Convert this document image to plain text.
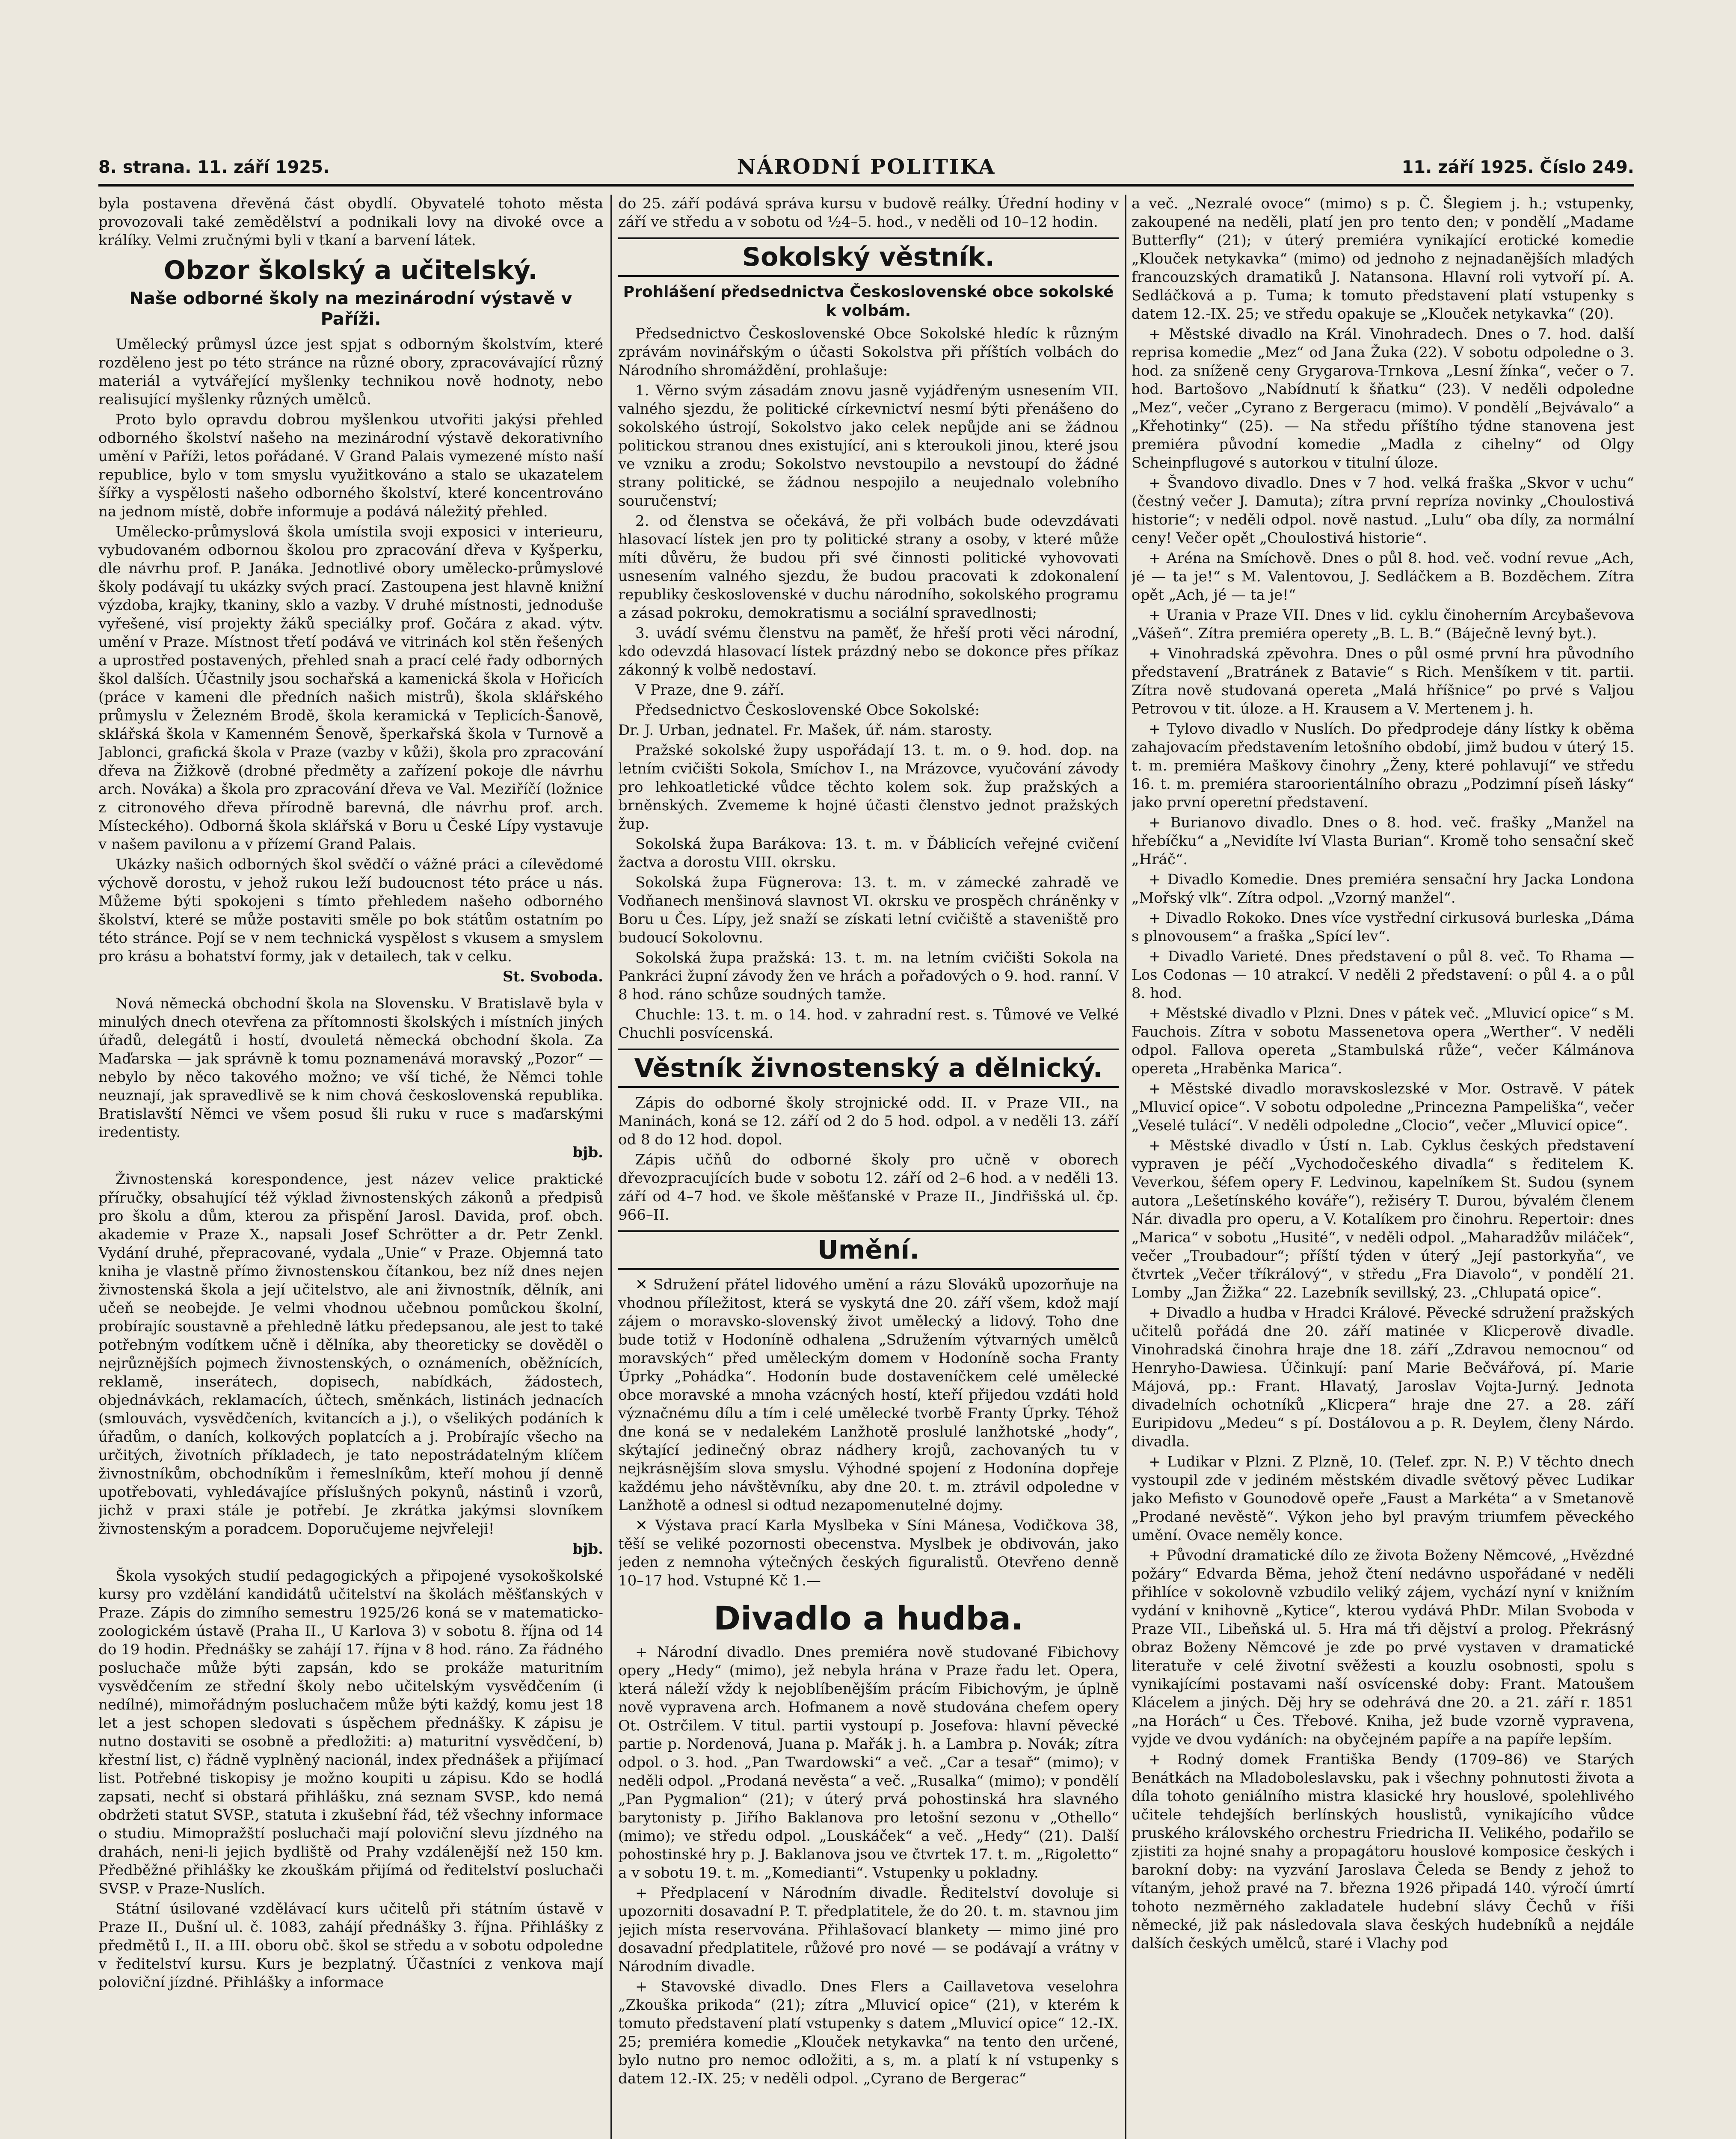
8. strana. 11. září 1925.	NÁRODNÍ POLITIKA	11. září 1925. Číslo 249.

byla postavena dřevěná část obydlí. Obyvatelé tohoto města provozovali také zemědělství a podnikali lovy na divoké ovce a králíky. Velmi zručnými byli v tkaní a barvení látek.

Obzor školský a učitelský.
Naše odborné školy na mezinárodní výstavě v Paříži.

Umělecký průmysl úzce jest spjat s odborným školstvím, které rozděleno jest po této stránce na různé obory, zpracovávající různý materiál a vytvářející myšlenky technikou nově hodnoty, nebo realisující myšlenky různých umělců.

Proto bylo opravdu dobrou myšlenkou utvořiti jakýsi přehled odborného školství našeho na mezinárodní výstavě dekorativního umění v Paříži, letos pořádané. V Grand Palais vymezené místo naší republice, bylo v tom smyslu využitkováno a stalo se ukazatelem šířky a vyspělosti našeho odborného školství, které koncentrováno na jednom místě, dobře informuje a podává náležitý přehled.

Umělecko-průmyslová škola umístila svoji exposici v interieuru, vybudovaném odbornou školou pro zpracování dřeva v Kyšperku, dle návrhu prof. P. Janáka. Jednotlivé obory umělecko-průmyslové školy podávají tu ukázky svých prací. Zastoupena jest hlavně knižní výzdoba, krajky, tkaniny, sklo a vazby. V druhé místnosti, jednoduše vyřešené, visí projekty žáků speciálky prof. Gočára z akad. výtv. umění v Praze. Místnost třetí podává ve vitrinách kol stěn řešených a uprostřed postavených, přehled snah a prací celé řady odborných škol dalších. Účastnily jsou sochařská a kamenická škola v Hořicích (práce v kameni dle předních našich mistrů), škola sklářského průmyslu v Železném Brodě, škola keramická v Teplicích-Šanově, sklářská škola v Kamenném Šenově, šperkařská škola v Turnově a Jablonci, grafická škola v Praze (vazby v kůži), škola pro zpracování dřeva na Žižkově (drobné předměty a zařízení pokoje dle návrhu arch. Nováka) a škola pro zpracování dřeva ve Val. Meziříčí (ložnice z citronového dřeva přírodně barevná, dle návrhu prof. arch. Místeckého). Odborná škola sklářská v Boru u České Lípy vystavuje v našem pavilonu a v přízemí Grand Palais.

Ukázky našich odborných škol svědčí o vážné práci a cílevědomé výchově dorostu, v jehož rukou leží budoucnost této práce u nás. Můžeme býti spokojeni s tímto přehledem našeho odborného školství, které se může postaviti směle po bok státům ostatním po této stránce. Pojí se v nem technická vyspělost s vkusem a smyslem pro krásu a bohatství formy, jak v detailech, tak v celku.

St. Svoboda.

Nová německá obchodní škola na Slovensku. V Bratislavě byla v minulých dnech otevřena za přítomnosti školských i místních jiných úřadů, delegátů i hostí, dvouletá německá obchodní škola. Za Maďarska — jak správně k tomu poznamenává moravský „Pozor“ — nebylo by něco takového možno; ve vší tiché, že Němci tohle neuznají, jak spravedlivě se k nim chová československá republika. Bratislavští Němci ve všem posud šli ruku v ruce s maďarskými iredentisty.

bjb.

Živnostenská korespondence, jest název velice praktické příručky, obsahující též výklad živnostenských zákonů a předpisů pro školu a dům, kterou za přispění Jarosl. Davida, prof. obch. akademie v Praze X., napsali Josef Schrötter a dr. Petr Zenkl. Vydání druhé, přepracované, vydala „Unie“ v Praze. Objemná tato kniha je vlastně přímo živnostenskou čítankou, bez níž dnes nejen živnostenská škola a její učitelstvo, ale ani živnostník, dělník, ani učeň se neobejde. Je velmi vhodnou učebnou pomůckou školní, probírajíc soustavně a přehledně látku předepsanou, ale jest to také potřebným vodítkem učně i dělníka, aby theoreticky se dověděl o nejrůznějších pojmech živnostenských, o oznámeních, oběžnících, reklamě, inserátech, dopisech, nabídkách, žádostech, objednávkách, reklamacích, účtech, směnkách, listinách jednacích (smlouvách, vysvědčeních, kvitancích a j.), o všelikých podáních k úřadům, o daních, kolkových poplatcích a j. Probírajíc všecho na určitých, životních příkladech, je tato nepostrádatelným klíčem živnostníkům, obchodníkům i řemeslníkům, kteří mohou jí denně upotřebovati, vyhledávajíce příslušných pokynů, nástinů i vzorů, jichž v praxi stále je potřebí. Je zkrátka jakýmsi slovníkem živnostenským a poradcem. Doporučujeme nejvřeleji!

bjb.

Škola vysokých studií pedagogických a připojené vysokoškolské kursy pro vzdělání kandidátů učitelství na školách měšťanských v Praze. Zápis do zimního semestru 1925/26 koná se v matematicko-zoologickém ústavě (Praha II., U Karlova 3) v sobotu 8. října od 14 do 19 hodin. Přednášky se zahájí 17. října v 8 hod. ráno. Za řádného posluchače může býti zapsán, kdo se prokáže maturitním vysvědčením ze střední školy nebo učitelským vysvědčením (i nedílné), mimořádným posluchačem může býti každý, komu jest 18 let a jest schopen sledovati s úspěchem přednášky. K zápisu je nutno dostaviti se osobně a předložiti: a) maturitní vysvědčení, b) křestní list, c) řádně vyplněný nacionál, index přednášek a přijímací list. Potřebné tiskopisy je možno koupiti u zápisu. Kdo se hodlá zapsati, nechť si obstará přihlášku, zná seznam SVSP., kdo nemá obdržeti statut SVSP., statuta i zkušební řád, též všechny informace o studiu. Mimopražští posluchači mají poloviční slevu jízdného na drahách, neni-li jejich bydliště od Prahy vzdálenější než 150 km. Předběžné přihlášky ke zkouškám přijímá od ředitelství posluchači SVSP. v Praze-Nuslích.

Státní úsilované vzdělávací kurs učitelů při státním ústavě v Praze II., Dušní ul. č. 1083, zahájí přednášky 3. října. Přihlášky z předmětů I., II. a III. oboru obč. škol se středu a v sobotu odpoledne v ředitelství kursu. Kurs je bezplatný. Účastníci z venkova mají poloviční jízdné. Přihlášky a informace

do 25. září podává správa kursu v budově reálky. Úřední hodiny v září ve středu a v sobotu od ½4–5. hod., v neděli od 10–12 hodin.

Sokolský věstník.
Prohlášení předsednictva Československé obce sokolské k volbám.

Předsednictvo Československé Obce Sokolské hledíc k různým zprávám novinářským o účasti Sokolstva při příštích volbách do Národního shromáždění, prohlašuje:

1. Věrno svým zásadám znovu jasně vyjádřeným usnesením VII. valného sjezdu, že politické církevnictví nesmí býti přenášeno do sokolského ústrojí, Sokolstvo jako celek nepůjde ani se žádnou politickou stranou dnes existující, ani s kteroukoli jinou, které jsou ve vzniku a zrodu; Sokolstvo nevstoupilo a nevstoupí do žádné strany politické, se žádnou nespojilo a neujednalo volebního souručenství;

2. od členstva se očekává, že při volbách bude odevzdávati hlasovací lístek jen pro ty politické strany a osoby, v které může míti důvěru, že budou při své činnosti politické vyhovovati usnesením valného sjezdu, že budou pracovati k zdokonalení republiky československé v duchu národního, sokolského programu a zásad pokroku, demokratismu a sociální spravedlnosti;

3. uvádí svému členstvu na paměť, že hřeší proti věci národní, kdo odevzdá hlasovací lístek prázdný nebo se dokonce přes příkaz zákonný k volbě nedostaví.

V Praze, dne 9. září.

Předsednictvo Československé Obce Sokolské:

Dr. J. Urban, jednatel. Fr. Mašek, úř. nám. starosty.

Pražské sokolské župy uspořádají 13. t. m. o 9. hod. dop. na letním cvičišti Sokola, Smíchov I., na Mrázovce, vyučování závody pro lehkoatletické vůdce těchto kolem sok. žup pražských a brněnských. Zvememe k hojné účasti členstvo jednot pražských žup.

Sokolská župa Barákova: 13. t. m. v Ďáblicích veřejné cvičení žactva a dorostu VIII. okrsku.

Sokolská župa Fügnerova: 13. t. m. v zámecké zahradě ve Vodňanech menšinová slavnost VI. okrsku ve prospěch chráněnky v Boru u Čes. Lípy, jež snaží se získati letní cvičiště a staveniště pro budoucí Sokolovnu.

Sokolská župa pražská: 13. t. m. na letním cvičišti Sokola na Pankráci župní závody žen ve hrách a pořadových o 9. hod. ranní. V 8 hod. ráno schůze soudných tamže.

Chuchle: 13. t. m. o 14. hod. v zahradní rest. s. Tůmové ve Velké Chuchli posvícenská.

Věstník živnostenský a dělnický.

Zápis do odborné školy strojnické odd. II. v Praze VII., na Maninách, koná se 12. září od 2 do 5 hod. odpol. a v neděli 13. září od 8 do 12 hod. dopol.

Zápis učňů do odborné školy pro učně v oborech dřevozpracujících bude v sobotu 12. září od 2–6 hod. a v neděli 13. září od 4–7 hod. ve škole měšťanské v Praze II., Jindřišská ul. čp. 966–II.

Umění.

✕ Sdružení přátel lidového umění a rázu Slováků upozorňuje na vhodnou příležitost, která se vyskytá dne 20. září všem, kdož mají zájem o moravsko-slovenský život umělecký a lidový. Toho dne bude totiž v Hodoníně odhalena „Sdružením výtvarných umělců moravských“ před uměleckým domem v Hodoníně socha Franty Úprky „Pohádka“. Hodonín bude dostaveníčkem celé umělecké obce moravské a mnoha vzácných hostí, kteří přijedou vzdáti hold význačnému dílu a tím i celé umělecké tvorbě Franty Úprky. Téhož dne koná se v nedalekém Lanžhotě proslulé lanžhotské „hody“, skýtající jedinečný obraz nádhery krojů, zachovaných tu v nejkrásnějším slova smyslu. Výhodné spojení z Hodonína dopřeje každému jeho návštěvníku, aby dne 20. t. m. ztrávil odpoledne v Lanžhotě a odnesl si odtud nezapomenutelné dojmy.

✕ Výstava prací Karla Myslbeka v Síni Mánesa, Vodičkova 38, těší se veliké pozornosti obecenstva. Myslbek je obdivován, jako jeden z nemnoha výtečných českých figuralistů. Otevřeno denně 10–17 hod. Vstupné Kč 1.—

Divadlo a hudba.

+ Národní divadlo. Dnes premiéra nově studované Fibichovy opery „Hedy“ (mimo), jež nebyla hrána v Praze řadu let. Opera, která náleží vždy k nejoblíbenějším prácím Fibichovým, je úplně nově vypravena arch. Hofmanem a nově studována chefem opery Ot. Ostrčilem. V titul. partii vystoupí p. Josefova: hlavní pěvecké partie p. Nordenová, Juana p. Mařák j. h. a Lambra p. Novák; zítra odpol. o 3. hod. „Pan Twardowski“ a več. „Car a tesař“ (mimo); v neděli odpol. „Prodaná nevěsta“ a več. „Rusalka“ (mimo); v pondělí „Pan Pygmalion“ (21); v úterý prvá pohostinská hra slavného barytonisty p. Jiřího Baklanova pro letošní sezonu v „Othello“ (mimo); ve středu odpol. „Louskáček“ a več. „Hedy“ (21). Další pohostinské hry p. J. Baklanova jsou ve čtvrtek 17. t. m. „Rigoletto“ a v sobotu 19. t. m. „Komedianti“. Vstupenky u pokladny.

+ Předplacení v Národním divadle. Ředitelství dovoluje si upozorniti dosavadní P. T. předplatitele, že do 20. t. m. stavnou jim jejich místa reservována. Přihlašovací blankety — mimo jiné pro dosavadní předplatitele, růžové pro nové — se podávají a vrátny v Národním divadle.

+ Stavovské divadlo. Dnes Flers a Caillavetova veselohra „Zkouška prikoda“ (21); zítra „Mluvicí opice“ (21), v kterém k tomuto představení platí vstupenky s datem „Mluvicí opice“ 12.-IX. 25; premiéra komedie „Klouček netykavka“ na tento den určené, bylo nutno pro nemoc odložiti, a s, m. a platí k ní vstupenky s datem 12.-IX. 25; v neděli odpol. „Cyrano de Bergerac“

a več. „Nezralé ovoce“ (mimo) s p. Č. Šlegiem j. h.; vstupenky, zakoupené na neděli, platí jen pro tento den; v pondělí „Madame Butterfly“ (21); v úterý premiéra vynikající erotické komedie „Klouček netykavka“ (mimo) od jednoho z nejnadanějších mladých francouzských dramatiků J. Natansona. Hlavní roli vytvoří pí. A. Sedláčková a p. Tuma; k tomuto představení platí vstupenky s datem 12.-IX. 25; ve středu opakuje se „Klouček netykavka“ (20).

+ Městské divadlo na Král. Vinohradech. Dnes o 7. hod. další reprisa komedie „Mez“ od Jana Žuka (22). V sobotu odpoledne o 3. hod. za sníženě ceny Grygarova-Trnkova „Lesní žínka“, večer o 7. hod. Bartošovo „Nabídnutí k šňatku“ (23). V neděli odpoledne „Mez“, večer „Cyrano z Bergeracu (mimo). V pondělí „Bejvávalo“ a „Křehotinky“ (25). — Na středu příštího týdne stanovena jest premiéra původní komedie „Madla z cihelny“ od Olgy Scheinpflugové s autorkou v titulní úloze.

+ Švandovo divadlo. Dnes v 7 hod. velká fraška „Skvor v uchu“ (čestný večer J. Damuta); zítra první repríza novinky „Choulostivá historie“; v neděli odpol. nově nastud. „Lulu“ oba díly, za normální ceny! Večer opět „Choulostivá historie“.

+ Aréna na Smíchově. Dnes o půl 8. hod. več. vodní revue „Ach, jé — ta je!“ s M. Valentovou, J. Sedláčkem a B. Bozděchem. Zítra opět „Ach, jé — ta je!“

+ Urania v Praze VII. Dnes v lid. cyklu činoherním Arcybaševova „Vášeň“. Zítra premiéra operety „B. L. B.“ (Báječně levný byt.).

+ Vinohradská zpěvohra. Dnes o půl osmé první hra původního představení „Bratránek z Batavie“ s Rich. Menšíkem v tit. partii. Zítra nově studovaná opereta „Malá hříšnice“ po prvé s Valjou Petrovou v tit. úloze. a H. Krausem a V. Mertenem j. h.

+ Tylovo divadlo v Nuslích. Do předprodeje dány lístky k oběma zahajovacím představením letošního období, jimž budou v úterý 15. t. m. premiéra Maškovy činohry „Ženy, které pohlavují“ ve středu 16. t. m. premiéra staroorientálního obrazu „Podzimní píseň lásky“ jako první operetní představení.

+ Burianovo divadlo. Dnes o 8. hod. več. frašky „Manžel na hřebíčku“ a „Nevidíte lví Vlasta Burian“. Kromě toho sensační skeč „Hráč“.

+ Divadlo Komedie. Dnes premiéra sensační hry Jacka Londona „Mořský vlk“. Zítra odpol. „Vzorný manžel“.

+ Divadlo Rokoko. Dnes více vystřední cirkusová burleska „Dáma s plnovousem“ a fraška „Spící lev“.

+ Divadlo Varieté. Dnes představení o půl 8. več. To Rhama — Los Codonas — 10 atrakcí. V neděli 2 představení: o půl 4. a o půl 8. hod.

+ Městské divadlo v Plzni. Dnes v pátek več. „Mluvicí opice“ s M. Fauchois. Zítra v sobotu Massenetova opera „Werther“. V neděli odpol. Fallova opereta „Stambulská růže“, večer Kálmánova opereta „Hraběnka Marica“.

+ Městské divadlo moravskoslezské v Mor. Ostravě. V pátek „Mluvicí opice“. V sobotu odpoledne „Princezna Pampeliška“, večer „Veselé tulácí“. V neděli odpoledne „Clocio“, večer „Mluvicí opice“.

+ Městské divadlo v Ústí n. Lab. Cyklus českých představení vypraven je péčí „Vychodočeského divadla“ s ředitelem K. Veverkou, šéfem opery F. Ledvinou, kapelníkem St. Sudou (synem autora „Lešetínského kováře“), režiséry T. Durou, bývalém členem Nár. divadla pro operu, a V. Kotalíkem pro činohru. Repertoir: dnes „Marica“ v sobotu „Husité“, v neděli odpol. „Maharadžův miláček“, večer „Troubadour“; příští týden v úterý „Její pastorkyňa“, ve čtvrtek „Večer tříkrálový“, v středu „Fra Diavolo“, v pondělí 21. Lomby „Jan Žižka“ 22. Lazebník sevillský, 23. „Chlupatá opice“.

+ Divadlo a hudba v Hradci Králové. Pěvecké sdružení pražských učitelů pořádá dne 20. září matinée v Klicperově divadle. Vinohradská činohra hraje dne 18. září „Zdravou nemocnou“ od Henryho-Dawiesa. Účinkují: paní Marie Bečvářová, pí. Marie Májová, pp.: Frant. Hlavatý, Jaroslav Vojta-Jurný. Jednota divadelních ochotníků „Klicpera“ hraje dne 27. a 28. září Euripidovu „Medeu“ s pí. Dostálovou a p. R. Deylem, členy Nárdo. divadla.

+ Ludikar v Plzni. Z Plzně, 10. (Telef. zpr. N. P.) V těchto dnech vystoupil zde v jediném městském divadle světový pěvec Ludikar jako Mefisto v Gounodově opeře „Faust a Markéta“ a v Smetanově „Prodané nevěstě“. Výkon jeho byl pravým triumfem pěveckého umění. Ovace neměly konce.

+ Původní dramatické dílo ze života Boženy Němcové, „Hvězdné požáry“ Edvarda Běma, jehož čtení nedávno uspořádané v neděli přihlíce v sokolovně vzbudilo veliký zájem, vychází nyní v knižním vydání v knihovně „Kytice“, kterou vydává PhDr. Milan Svoboda v Praze VII., Libeňská ul. 5. Hra má tři dějství a prolog. Překrásný obraz Boženy Němcové je zde po prvé vystaven v dramatické literatuře v celé životní svěžesti a kouzlu osobnosti, spolu s vynikajícími postavami naší osvícenské doby: Frant. Matoušem Klácelem a jiných. Děj hry se odehrává dne 20. a 21. září r. 1851 „na Horách“ u Čes. Třebové. Kniha, jež bude vzorně vypravena, vyjde ve dvou vydáních: na obyčejném papíře a na papíře lepším.

+ Rodný domek Františka Bendy (1709–86) ve Starých Benátkách na Mladoboleslavsku, pak i všechny pohnutosti života a díla tohoto geniálního mistra klasické hry houslové, spolehlivého učitele tehdejších berlínských houslistů, vynikajícího vůdce pruského královského orchestru Friedricha II. Velikého, podařilo se zjistiti za hojné snahy a propagátoru houslové komposice českých i barokní doby: na vyzvání Jaroslava Čeleda se Bendy z jehož to vítaným, jehož pravé na 7. března 1926 připadá 140. výročí úmrtí tohoto nezměrného zakladatele hudební slávy Čechů v říši německé, již pak následovala slava českých hudebníků a nejdále dalších českých umělců, staré i Vlachy pod
